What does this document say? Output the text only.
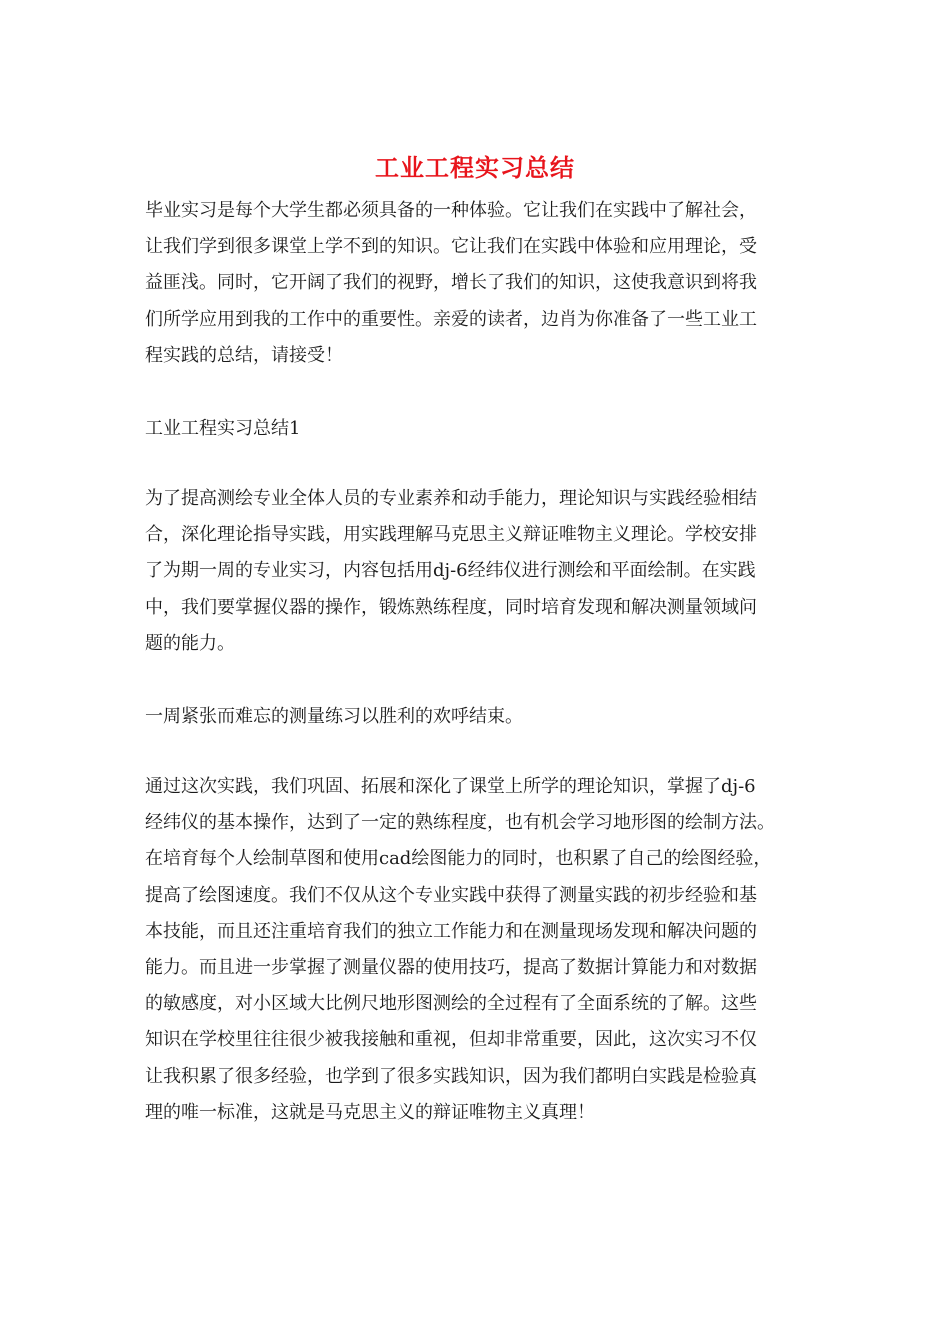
工业工程实习总结

毕业实习是每个大学生都必须具备的一种体验。它让我们在实践中了解社会，
让我们学到很多课堂上学不到的知识。它让我们在实践中体验和应用理论，受
益匪浅。同时，它开阔了我们的视野，增长了我们的知识，这使我意识到将我
们所学应用到我的工作中的重要性。亲爱的读者，边肖为你准备了一些工业工
程实践的总结，请接受！

工业工程实习总结1

为了提高测绘专业全体人员的专业素养和动手能力，理论知识与实践经验相结
合，深化理论指导实践，用实践理解马克思主义辩证唯物主义理论。学校安排
了为期一周的专业实习，内容包括用dj-6经纬仪进行测绘和平面绘制。在实践
中，我们要掌握仪器的操作，锻炼熟练程度，同时培育发现和解决测量领域问
题的能力。

一周紧张而难忘的测量练习以胜利的欢呼结束。

通过这次实践，我们巩固、拓展和深化了课堂上所学的理论知识，掌握了dj-6
经纬仪的基本操作，达到了一定的熟练程度，也有机会学习地形图的绘制方法。
在培育每个人绘制草图和使用cad绘图能力的同时，也积累了自己的绘图经验，
提高了绘图速度。我们不仅从这个专业实践中获得了测量实践的初步经验和基
本技能，而且还注重培育我们的独立工作能力和在测量现场发现和解决问题的
能力。而且进一步掌握了测量仪器的使用技巧，提高了数据计算能力和对数据
的敏感度，对小区域大比例尺地形图测绘的全过程有了全面系统的了解。这些
知识在学校里往往很少被我接触和重视，但却非常重要，因此，这次实习不仅
让我积累了很多经验，也学到了很多实践知识，因为我们都明白实践是检验真
理的唯一标准，这就是马克思主义的辩证唯物主义真理！
